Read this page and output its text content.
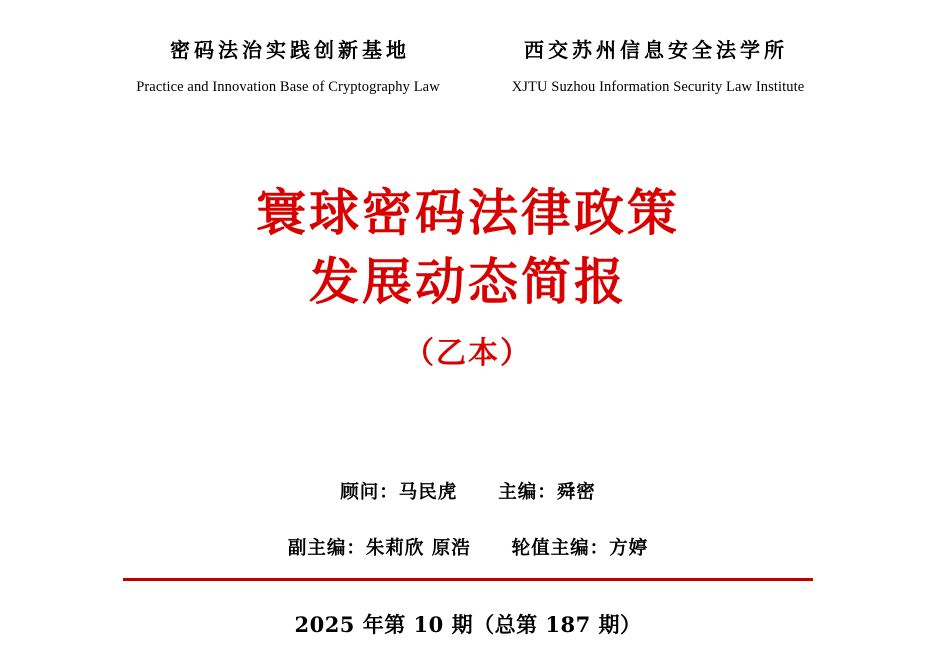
密码法治实践创新基地	西交苏州信息安全法学所
Practice and Innovation Base of Cryptography Law	XJTU Suzhou Information Security Law Institute
寰球密码法律政策
发展动态简报
（乙本）
顾问：马民虎 主编：舜密
副主编：朱莉欣 原浩 轮值主编：方婷
2025 年第 10 期（总第 187 期）
